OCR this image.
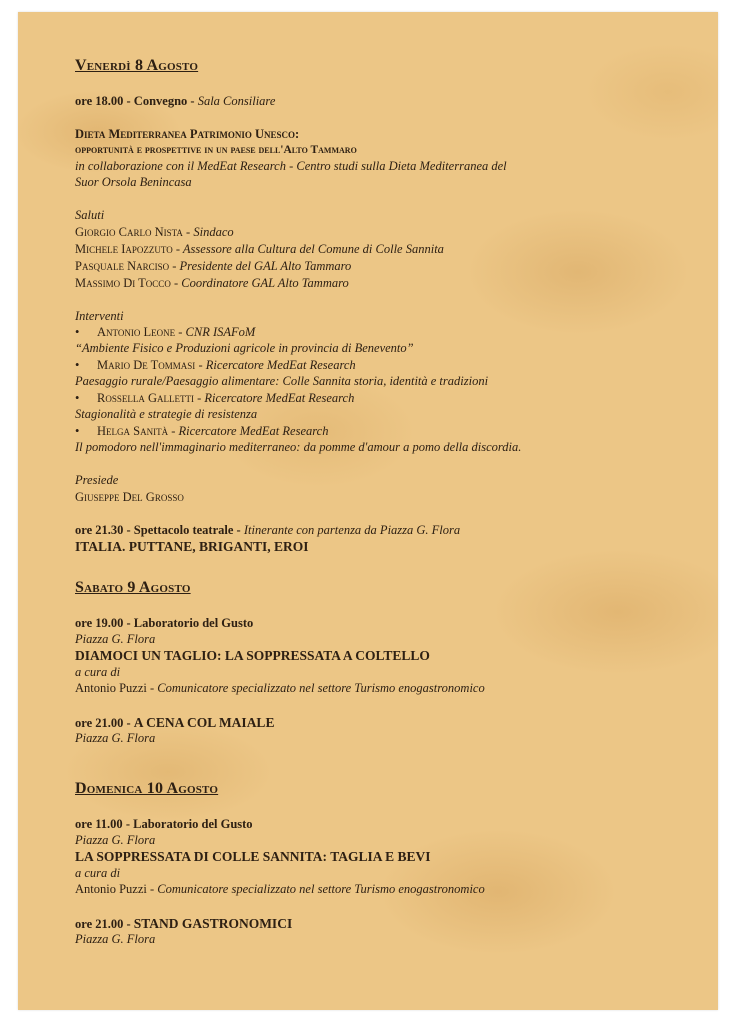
Venerdì 8 Agosto
ore 18.00 - Convegno - Sala Consiliare
Dieta Mediterranea Patrimonio Unesco:
opportunità e prospettive in un paese dell'Alto Tammaro
in collaborazione con il MedEat Research - Centro studi sulla Dieta Mediterranea del
Suor Orsola Benincasa
Saluti
Giorgio Carlo Nista - Sindaco
Michele Iapozzuto - Assessore alla Cultura del Comune di Colle Sannita
Pasquale Narciso - Presidente del GAL Alto Tammaro
Massimo Di Tocco - Coordinatore GAL Alto Tammaro
Interventi
• Antonio Leone - CNR ISAFoM
“Ambiente Fisico e Produzioni agricole in provincia di Benevento”
• Mario De Tommasi - Ricercatore MedEat Research
Paesaggio rurale/Paesaggio alimentare: Colle Sannita storia, identità e tradizioni
• Rossella Galletti - Ricercatore MedEat Research
Stagionalità e strategie di resistenza
• Helga Sanità - Ricercatore MedEat Research
Il pomodoro nell'immaginario mediterraneo: da pomme d'amour a pomo della discordia.
Presiede
Giuseppe Del Grosso
ore 21.30 - Spettacolo teatrale - Itinerante con partenza da Piazza G. Flora
ITALIA. PUTTANE, BRIGANTI, EROI
Sabato 9 Agosto
ore 19.00 - Laboratorio del Gusto
Piazza G. Flora
DIAMOCI UN TAGLIO: LA SOPPRESSATA A COLTELLO
a cura di
Antonio Puzzi - Comunicatore specializzato nel settore Turismo enogastronomico
ore 21.00 - A CENA COL MAIALE
Piazza G. Flora
Domenica 10 Agosto
ore 11.00 - Laboratorio del Gusto
Piazza G. Flora
LA SOPPRESSATA DI COLLE SANNITA: TAGLIA E BEVI
a cura di
Antonio Puzzi - Comunicatore specializzato nel settore Turismo enogastronomico
ore 21.00 - STAND GASTRONOMICI
Piazza G. Flora
